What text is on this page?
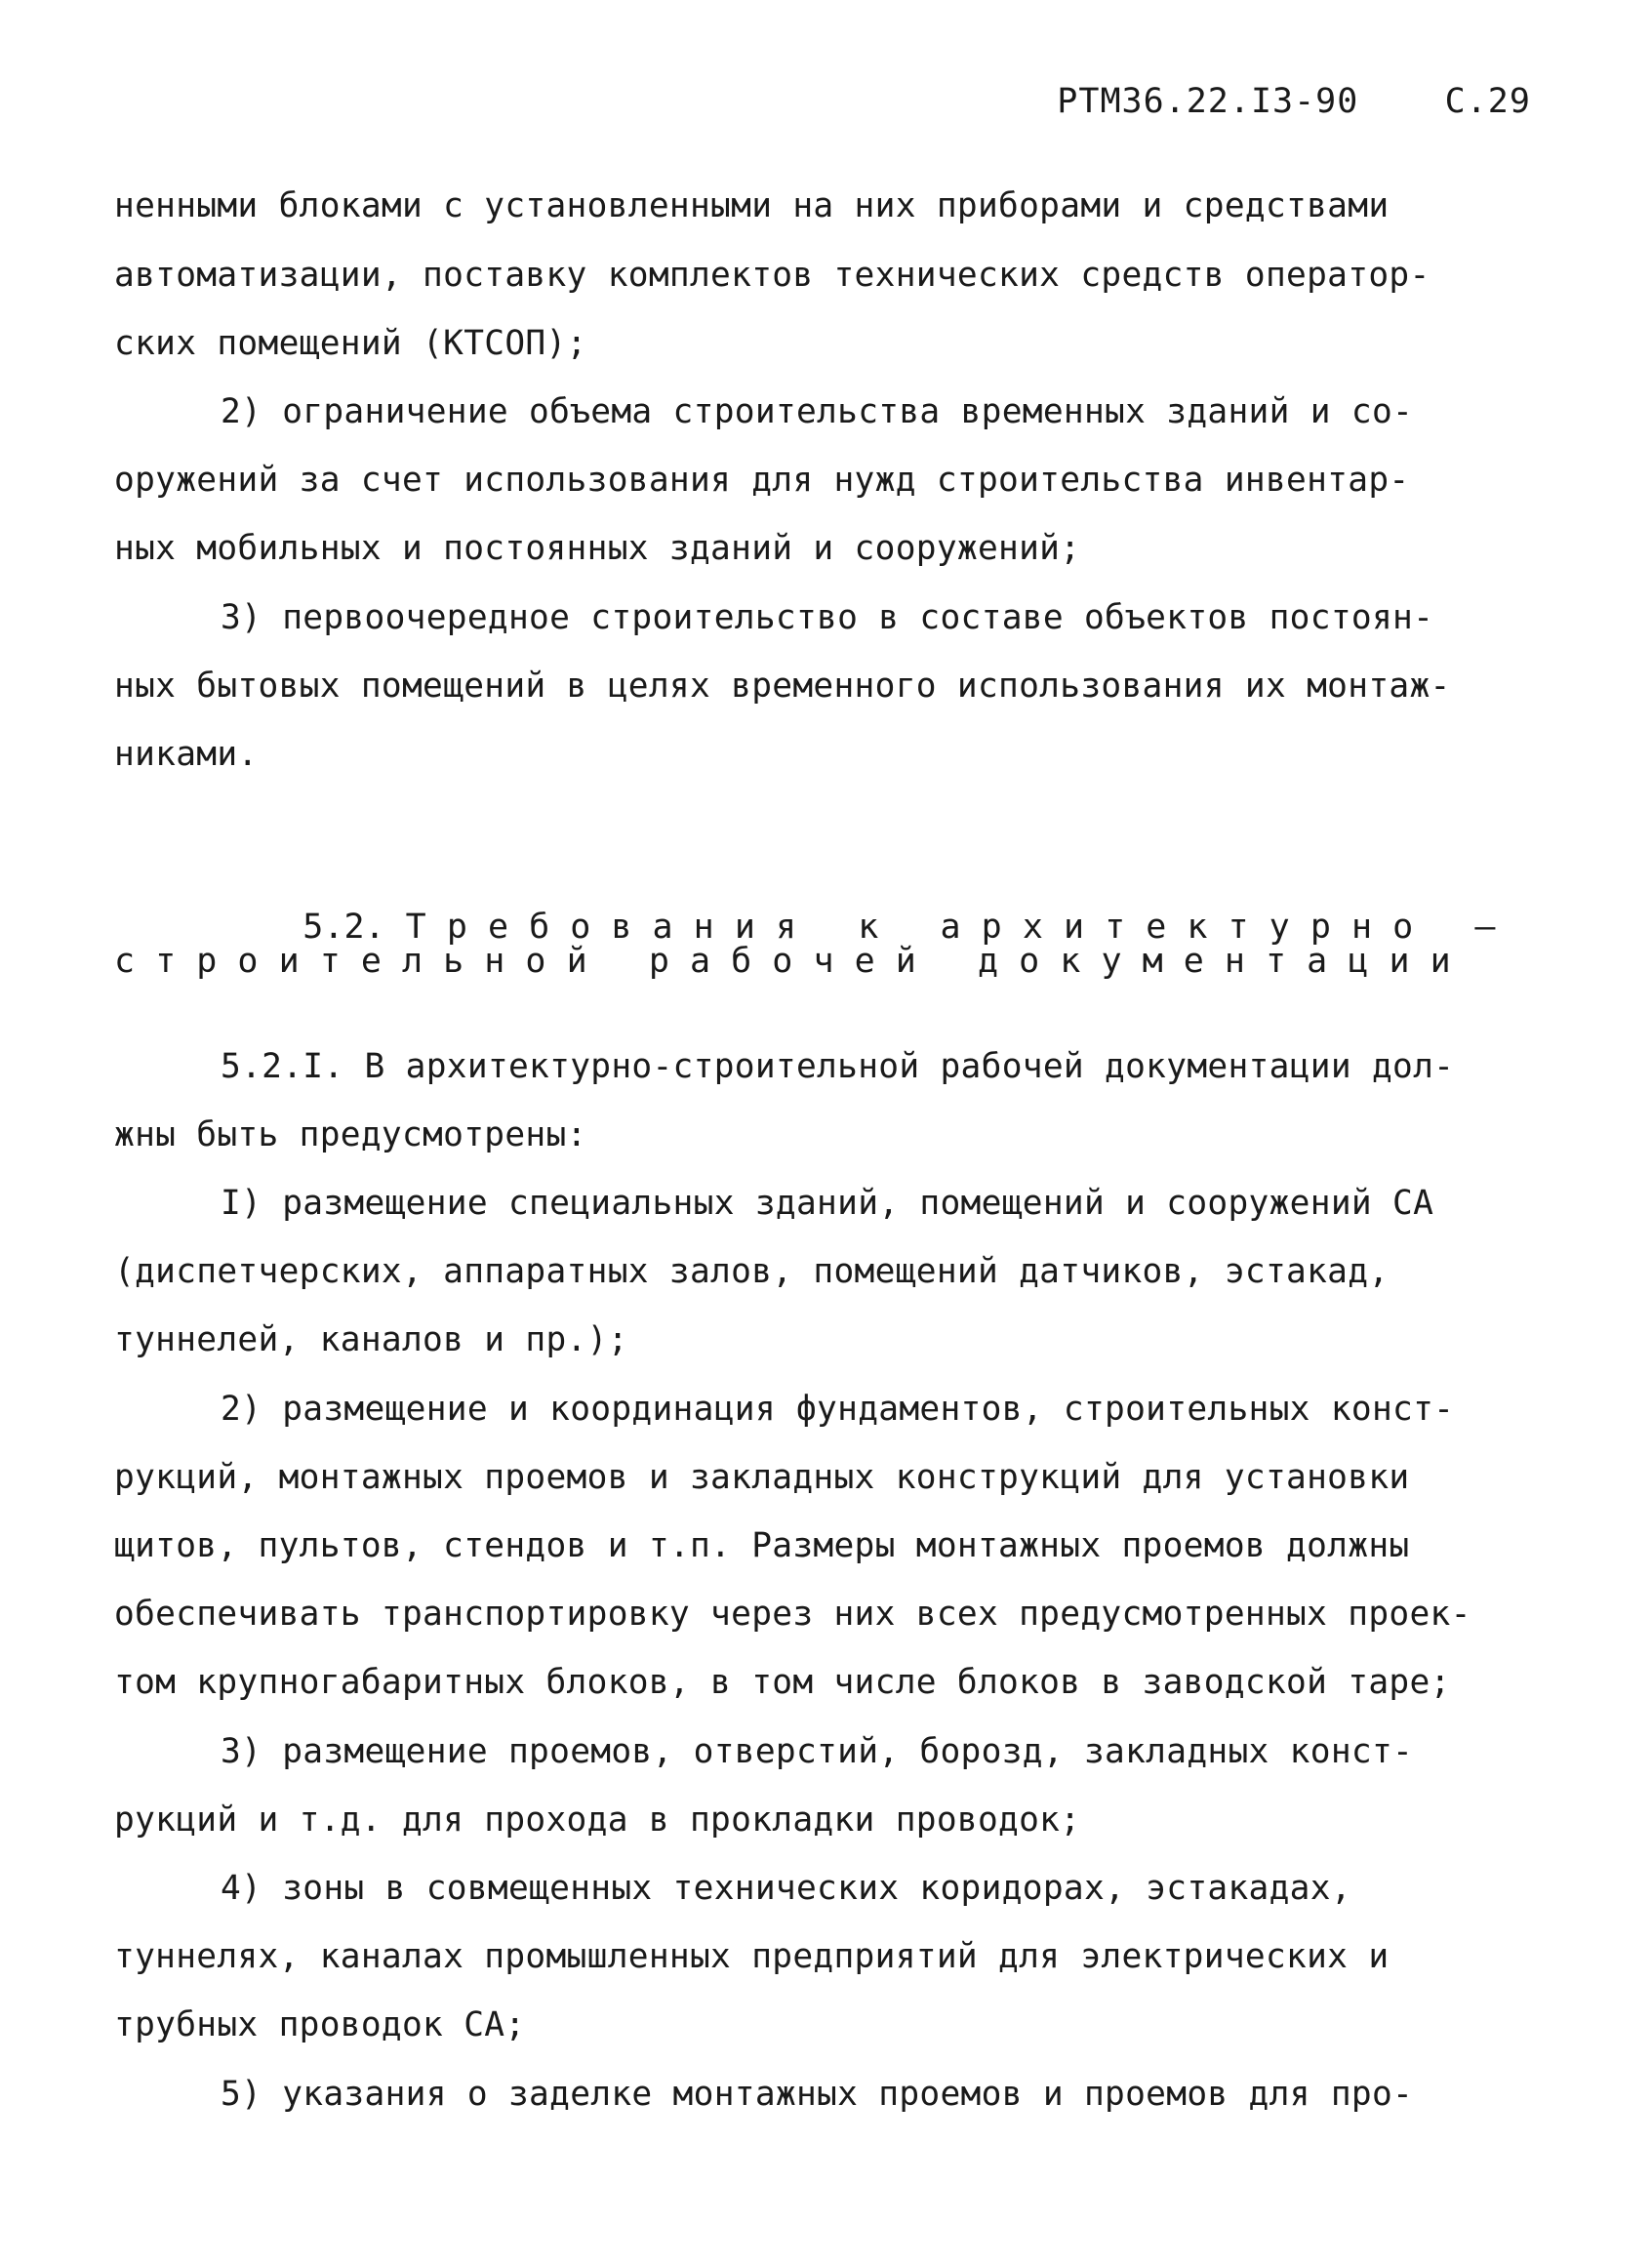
РТМ36.22.I3-90	С.29

ненными блоками с установленными на них приборами и средствами
автоматизации, поставку комплектов технических средств оператор-
ских помещений (КТСОП);
2) ограничение объема строительства временных зданий и со-
оружений за счет использования для нужд строительства инвентар-
ных мобильных и постоянных зданий и сооружений;
3) первоочередное строительство в составе объектов постоян-
ных бытовых помещений в целях временного использования их монтаж-
никами.

5.2. Т р е б о в а н и я   к   а р х и т е к т у р н о   –

с т р о и т е л ь н о й   р а б о ч е й   д о к у м е н т а ц и и
5.2.I. В архитектурно-строительной рабочей документации дол-
жны быть предусмотрены:
I) размещение специальных зданий, помещений и сооружений СА
(диспетчерских, аппаратных залов, помещений датчиков, эстакад,
туннелей, каналов и пр.);
2) размещение и координация фундаментов, строительных конст-
рукций, монтажных проемов и закладных конструкций для установки
щитов, пультов, стендов и т.п. Размеры монтажных проемов должны
обеспечивать транспортировку через них всех предусмотренных проек-
том крупногабаритных блоков, в том числе блоков в заводской таре;
3) размещение проемов, отверстий, борозд, закладных конст-
рукций и т.д. для прохода в прокладки проводок;
4) зоны в совмещенных технических коридорах, эстакадах,
туннелях, каналах промышленных предприятий для электрических и
трубных проводок СА;
5) указания о заделке монтажных проемов и проемов для про-
